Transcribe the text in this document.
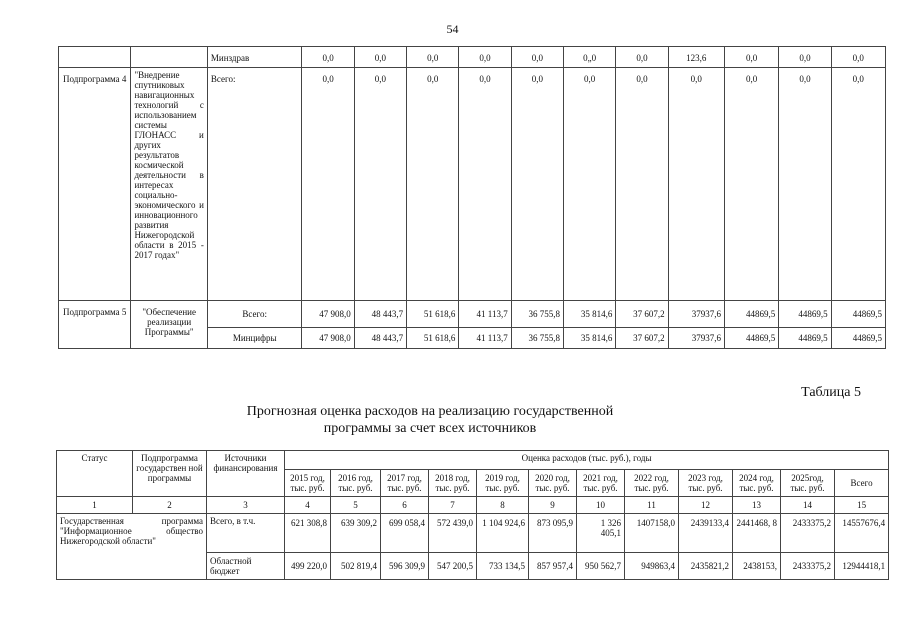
54
		Минздрав	0,0	0,0	0,0	0,0	0,0	0„0	0,0	123,6	0,0	0,0	0,0
Подпрограмма 4	"Внедрение спутниковых навигационных технологий с использованием системы ГЛОНАСС и других результатов космической деятельности в интересах социально-экономического и инновационного развития Нижегородской области в 2015 - 2017 годах"	Всего:	0,0	0,0	0,0	0,0	0,0	0,0	0,0	0,0	0,0	0,0	0,0
Подпрограмма 5	"Обеспечение реализации Программы"	Всего:	47 908,0	48 443,7	51 618,6	41 113,7	36 755,8	35 814,6	37 607,2	37937,6	44869,5	44869,5	44869,5
		Минцифры	47 908,0	48 443,7	51 618,6	41 113,7	36 755,8	35 814,6	37 607,2	37937,6	44869,5	44869,5	44869,5
Таблица 5
Прогнозная оценка расходов на реализацию государственной программы за счет всех источников
Статус	Подпрограмма государствен ной программы	Источники финансирования	Оценка расходов (тыс. руб.), годы											
			2015 год, тыс. руб.	2016 год, тыс. руб.	2017 год, тыс. руб.	2018 год, тыс. руб.	2019 год, тыс. руб.	2020 год, тыс. руб.	2021 год, тыс. руб.	2022 год, тыс. руб.	2023 год, тыс. руб.	2024 год, тыс. руб.	2025год, тыс. руб.	Всего
1	2	3	4	5	6	7	8	9	10	11	12	13	14	15
Государственная программа "Информационное общество Нижегородской области"		Всего, в т.ч.	621 308,8	639 309,2	699 058,4	572 439,0	1 104 924,6	873 095,9	1 326 405,1	1407158,0	2439133,4	2441468, 8	2433375,2	14557676,4
		Областной бюджет	499 220,0	502 819,4	596 309,9	547 200,5	733 134,5	857 957,4	950 562,7	949863,4	2435821,2	2438153,	2433375,2	12944418,1
